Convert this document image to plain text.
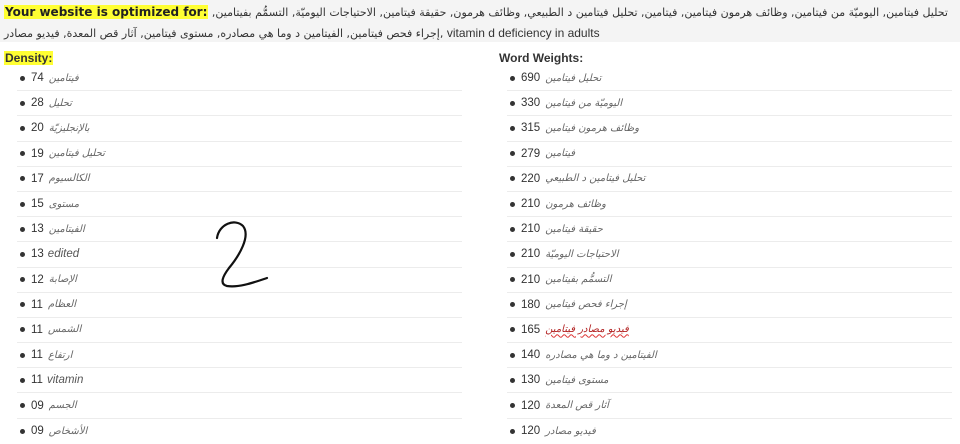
Your website is optimized for: تحليل فيتامين, اليوميّة من فيتامين, وظائف هرمون فيتامين, فيتامين, تحليل فيتامين د الطبيعي, وظائف هرمون, حقيقة فيتامين, الاحتياجات اليوميّة, التسمُّم بفيتامين, إجراء فحص فيتامين, الفيتامين د وما هي مصادره, مستوى فيتامين, آثار قص المعدة, فيديو مصادر, vitamin d deficiency in adults
Density:	Word Weights:
74 فيتامين
28 تحليل
20 بالإنجليزيّة
19 تحليل فيتامين
17 الكالسيوم
15 مستوى
13 الفيتامين
13 edited
12 الإصابة
11 العظام
11 الشمس
11 ارتفاع
11 vitamin
09 الجسم
09 الأشخاص
690 تحليل فيتامين
330 اليوميّة من فيتامين
315 وظائف هرمون فيتامين
279 فيتامين
220 تحليل فيتامين د الطبيعي
210 وظائف هرمون
210 حقيقة فيتامين
210 الاحتياجات اليوميّة
210 التسمُّم بفيتامين
180 إجراء فحص فيتامين
165 فيديو مصادر فيتامين
140 الفيتامين د وما هي مصادره
130 مستوى فيتامين
120 آثار قص المعدة
120 فيديو مصادر
